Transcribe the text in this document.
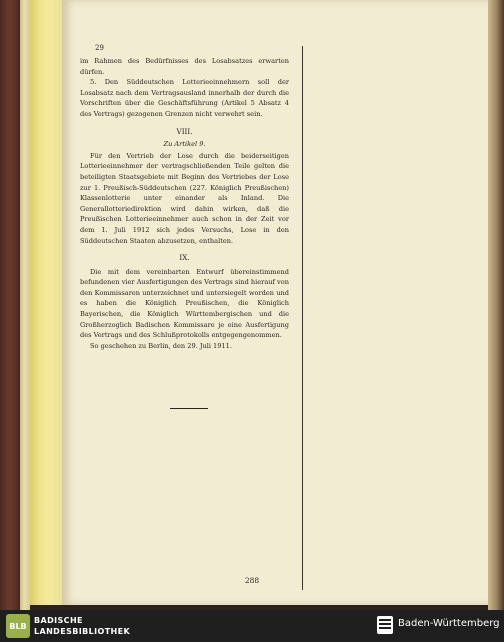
29

im Rahmen des Bedürfnisses des Losabsatzes erwarten dürfen.

5. Den Süddeutschen Lotterieeinnehmern soll der Losabsatz nach dem Vertragsausland innerhalb der durch die Vorschriften über die Geschäftsführung (Artikel 5 Absatz 4 des Vertrags) gezogenen Grenzen nicht verwehrt sein.

VIII.

Zu Artikel 9.

Für den Vertrieb der Lose durch die beiderseitigen Lotterieeinnehmer der vertragschließenden Teile gelten die beteiligten Staatsgebiete mit Beginn des Vertriebes der Lose zur 1. Preußisch-Süddeutschen (227. Königlich Preußischen) Klassenlotterie unter einander als Inland. Die Generallotteriedirektion wird dahin wirken, daß die Preußischen Lotterieeinnehmer auch schon in der Zeit vor dem 1. Juli 1912 sich jedes Versuchs, Lose in den Süddeutschen Staaten abzusetzen, enthalten.

IX.

Die mit dem vereinbarten Entwurf übereinstimmend befundenen vier Ausfertigungen des Vertrags sind hierauf von den Kommissaren unterzeichnet und untersiegelt worden und es haben die Königlich Preußischen, die Königlich Bayerischen, die Königlich Württembergischen und die Großherzoglich Badischen Kommissare je eine Ausfertigung des Vertrags und des Schlußprotokolls entgegengenommen.

So geschehen zu Berlin, den 29. Juli 1911.

288
BLB
BADISCHE
LANDESBIBLIOTHEK
Baden-Württemberg
